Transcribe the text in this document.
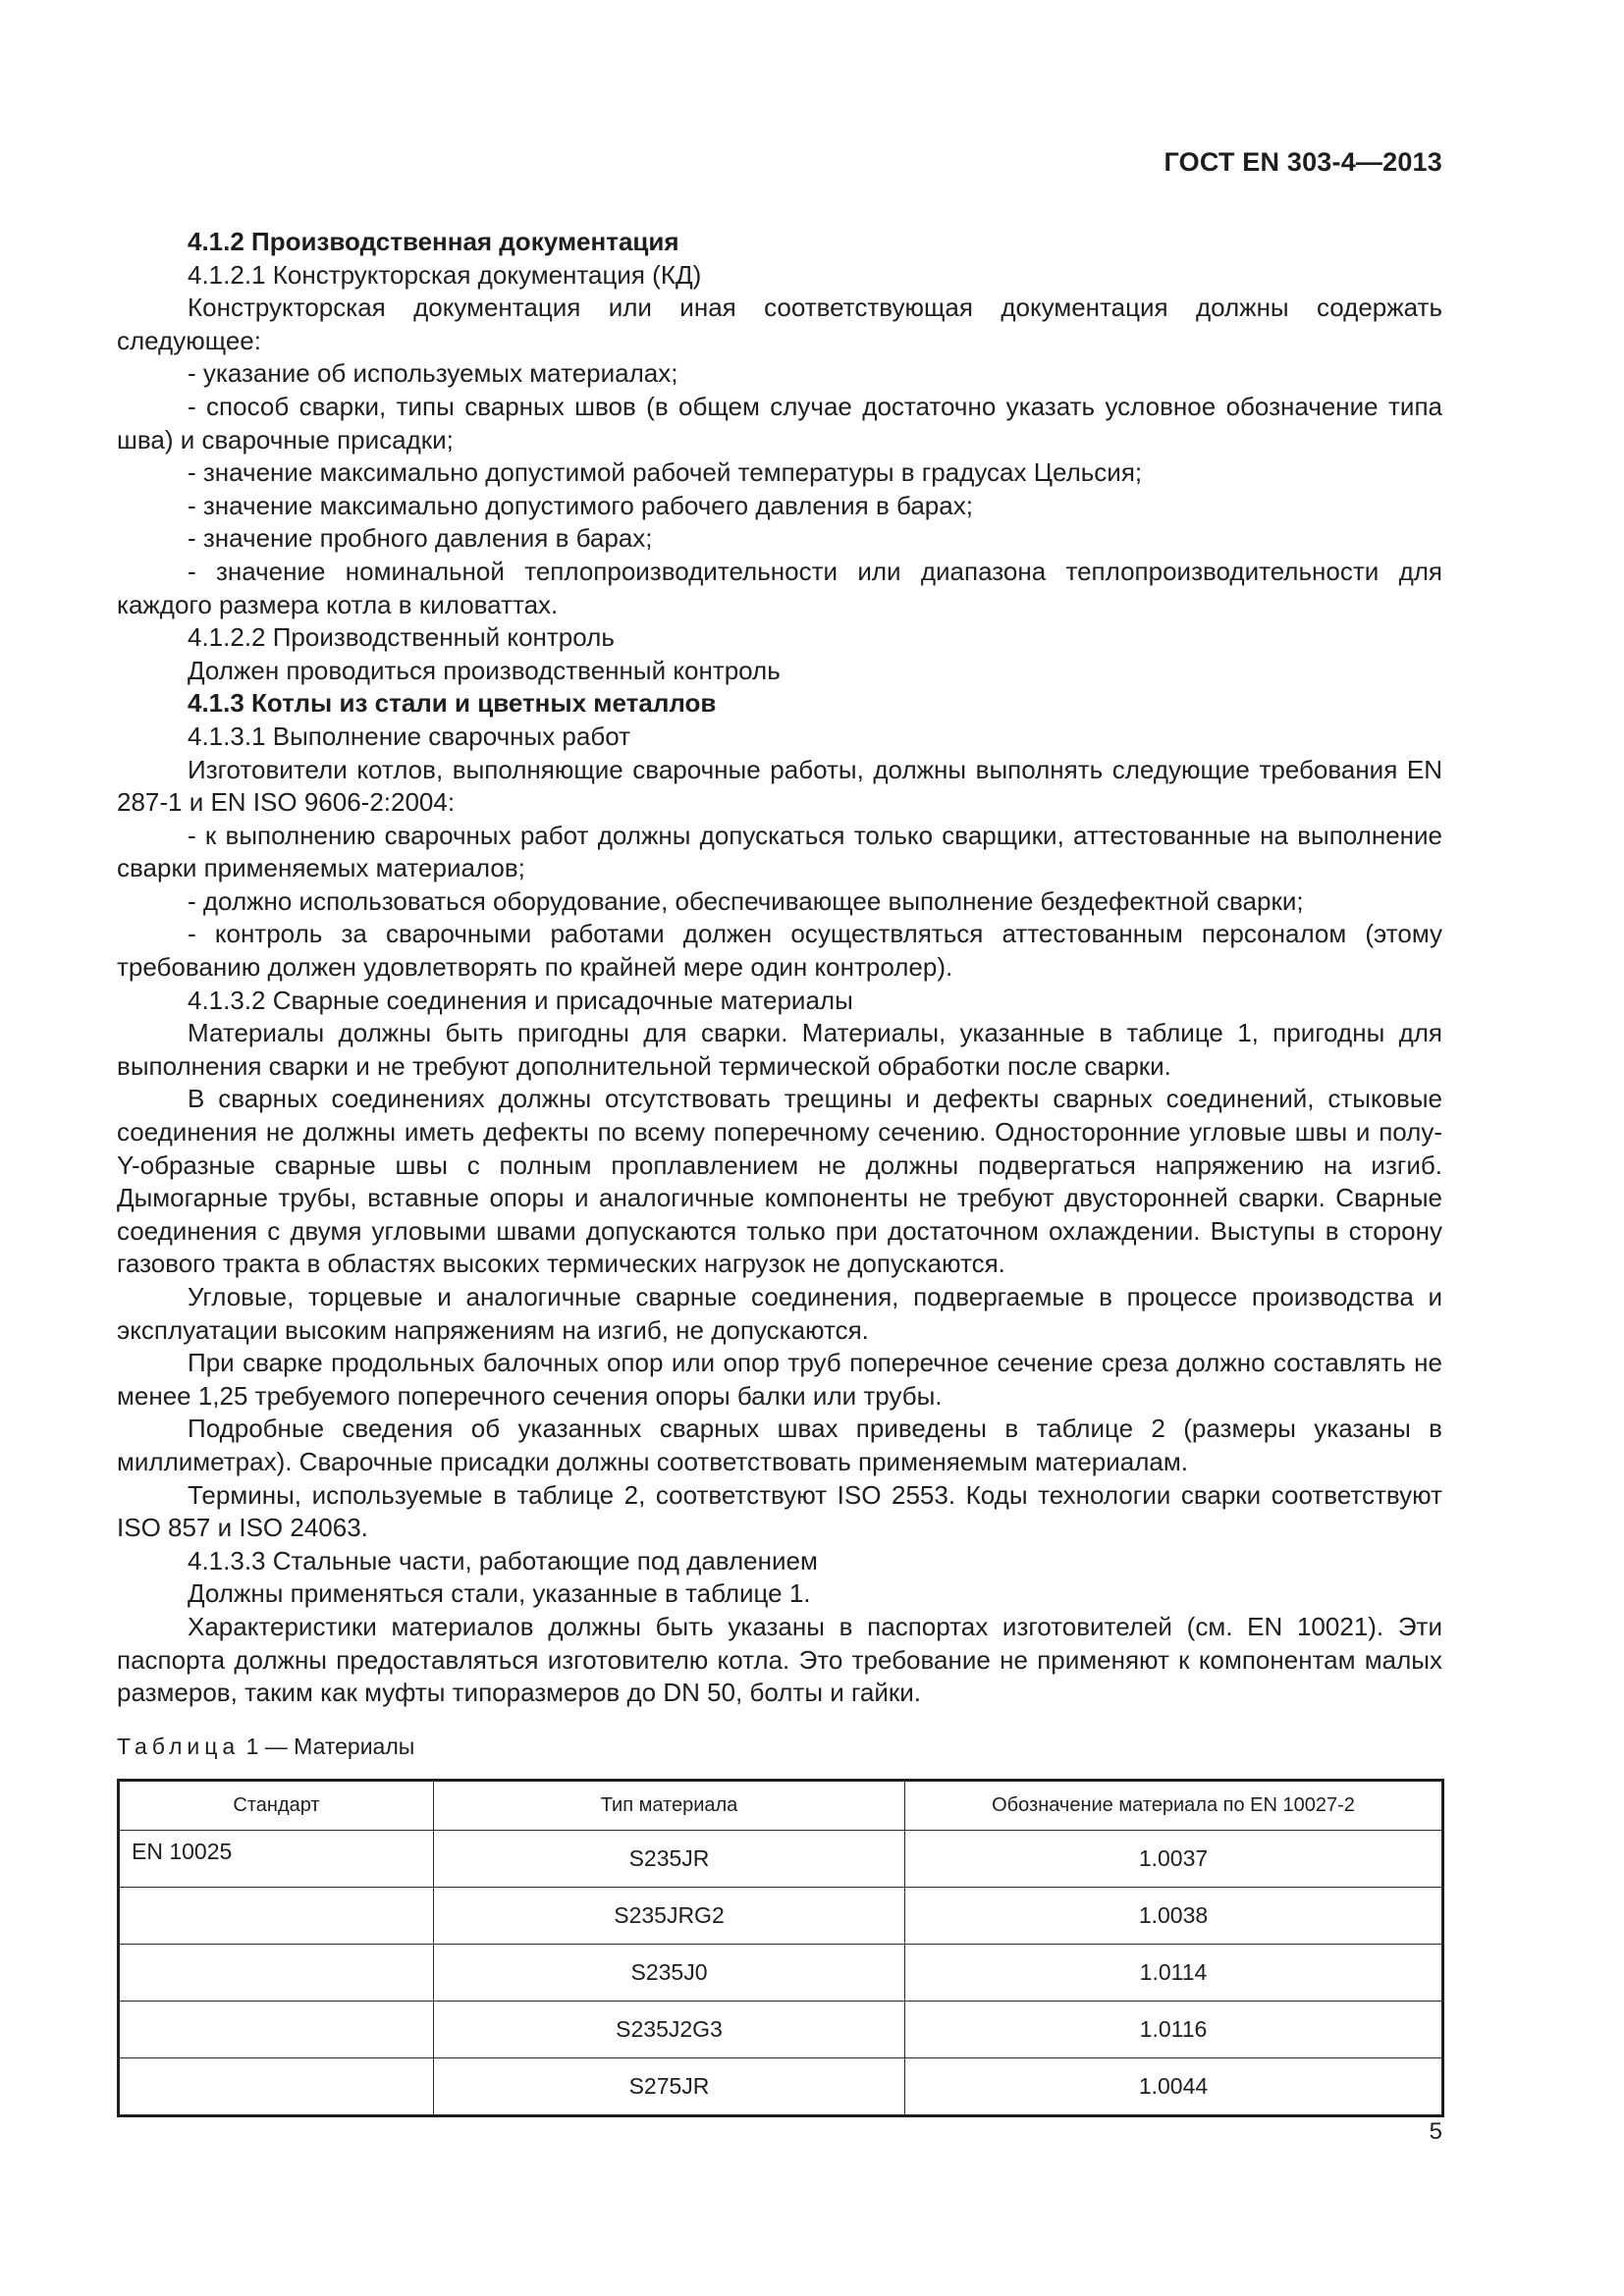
ГОСТ EN 303-4—2013

4.1.2 Производственная документация

4.1.2.1 Конструкторская документация (КД)

Конструкторская документация или иная соответствующая документация должны содержать следующее:

- указание об используемых материалах;

- способ сварки, типы сварных швов (в общем случае достаточно указать условное обозначение типа шва) и сварочные присадки;

- значение максимально допустимой рабочей температуры в градусах Цельсия;

- значение максимально допустимого рабочего давления в барах;

- значение пробного давления в барах;

- значение номинальной теплопроизводительности или диапазона теплопроизводительности для каждого размера котла в киловаттах.

4.1.2.2 Производственный контроль

Должен проводиться производственный контроль

4.1.3 Котлы из стали и цветных металлов

4.1.3.1 Выполнение сварочных работ

Изготовители котлов, выполняющие сварочные работы, должны выполнять следующие требования EN 287-1 и EN ISO 9606-2:2004:

- к выполнению сварочных работ должны допускаться только сварщики, аттестованные на выполнение сварки применяемых материалов;

- должно использоваться оборудование, обеспечивающее выполнение бездефектной сварки;

- контроль за сварочными работами должен осуществляться аттестованным персоналом (этому требованию должен удовлетворять по крайней мере один контролер).

4.1.3.2 Сварные соединения и присадочные материалы

Материалы должны быть пригодны для сварки. Материалы, указанные в таблице 1, пригодны для выполнения сварки и не требуют дополнительной термической обработки после сварки.

В сварных соединениях должны отсутствовать трещины и дефекты сварных соединений, стыковые соединения не должны иметь дефекты по всему поперечному сечению. Односторонние угловые швы и полу-Y-образные сварные швы с полным проплавлением не должны подвергаться напряжению на изгиб. Дымогарные трубы, вставные опоры и аналогичные компоненты не требуют двусторонней сварки. Сварные соединения с двумя угловыми швами допускаются только при достаточном охлаждении. Выступы в сторону газового тракта в областях высоких термических нагрузок не допускаются.

Угловые, торцевые и аналогичные сварные соединения, подвергаемые в процессе производства и эксплуатации высоким напряжениям на изгиб, не допускаются.

При сварке продольных балочных опор или опор труб поперечное сечение среза должно составлять не менее 1,25 требуемого поперечного сечения опоры балки или трубы.

Подробные сведения об указанных сварных швах приведены в таблице 2 (размеры указаны в миллиметрах). Сварочные присадки должны соответствовать применяемым материалам.

Термины, используемые в таблице 2, соответствуют ISO 2553. Коды технологии сварки соответствуют ISO 857 и ISO 24063.

4.1.3.3 Стальные части, работающие под давлением

Должны применяться стали, указанные в таблице 1.

Характеристики материалов должны быть указаны в паспортах изготовителей (см. EN 10021). Эти паспорта должны предоставляться изготовителю котла. Это требование не применяют к компонентам малых размеров, таким как муфты типоразмеров до DN 50, болты и гайки.

Таблица 1 — Материалы
Стандарт	Тип материала	Обозначение материала по EN 10027-2
EN 10025	S235JR	1.0037
	S235JRG2	1.0038
	S235J0	1.0114
	S235J2G3	1.0116
	S275JR	1.0044
5
